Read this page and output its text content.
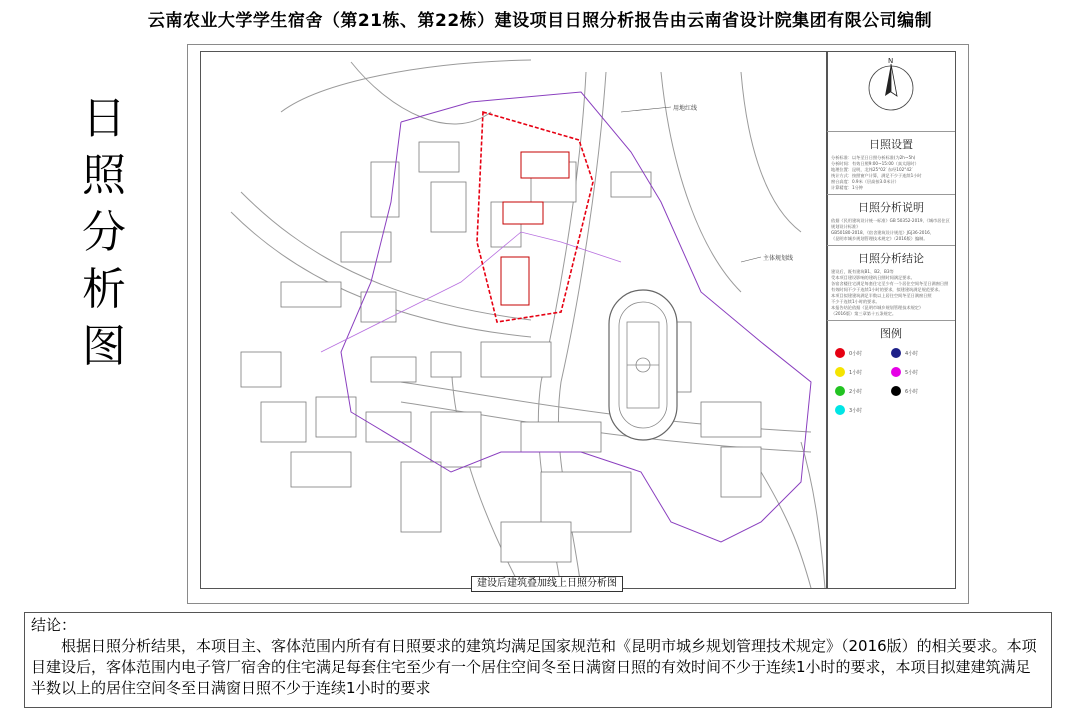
云南农业大学学生宿舍（第21栋、第22栋）建设项目日照分析报告由云南省设计院集团有限公司编制
日
照
分
析
图
用地红线
主体规划线
建设后建筑叠加线上日照分析图
N
日照设置
分析标准：以冬至日日照分析标准(为2h~5h)
分析时间：有效日照9:00~15:00（真太阳时）
地理位置：昆明，北纬25°02′ 东经102°42′
统计方式：按照窗户计算，满足不少于连续1小时
窗台高度：0.9米（层高按3.0米计）
计算精度：1分钟
日照分析说明
依据《民用建筑设计统一标准》GB 50352-2019、《城市居住区规划设计标准》
GB50180-2018、《宿舍建筑设计规范》JGJ36-2016、
《昆明市城乡规划管理技术规定》（2016版）编制。
日照分析结论
建设后，既有建筑B1、B2、B3等
受本项目建设影响的建筑日照时间满足要求。
各宿舍楼住宅满足每套住宅至少有一个居住空间冬至日满窗日照
有效时间不少于连续1小时的要求，拟建建筑满足规范要求。
本项目拟建建筑满足半数以上居住空间冬至日满窗日照
不少于连续1小时的要求。
本报告结论依据《昆明市城乡规划管理技术规定》
（2016版）第三章第十五条规定。
图例
0小时	4小时
1小时	5小时
2小时	6小时
3小时
结论：

根据日照分析结果，本项目主、客体范围内所有有日照要求的建筑均满足国家规范和《昆明市城乡规划管理技术规定》（2016版）的相关要求。本项目建设后，客体范围内电子管厂宿舍的住宅满足每套住宅至少有一个居住空间冬至日满窗日照的有效时间不少于连续1小时的要求，本项目拟建建筑满足半数以上的居住空间冬至日满窗日照不少于连续1小时的要求
